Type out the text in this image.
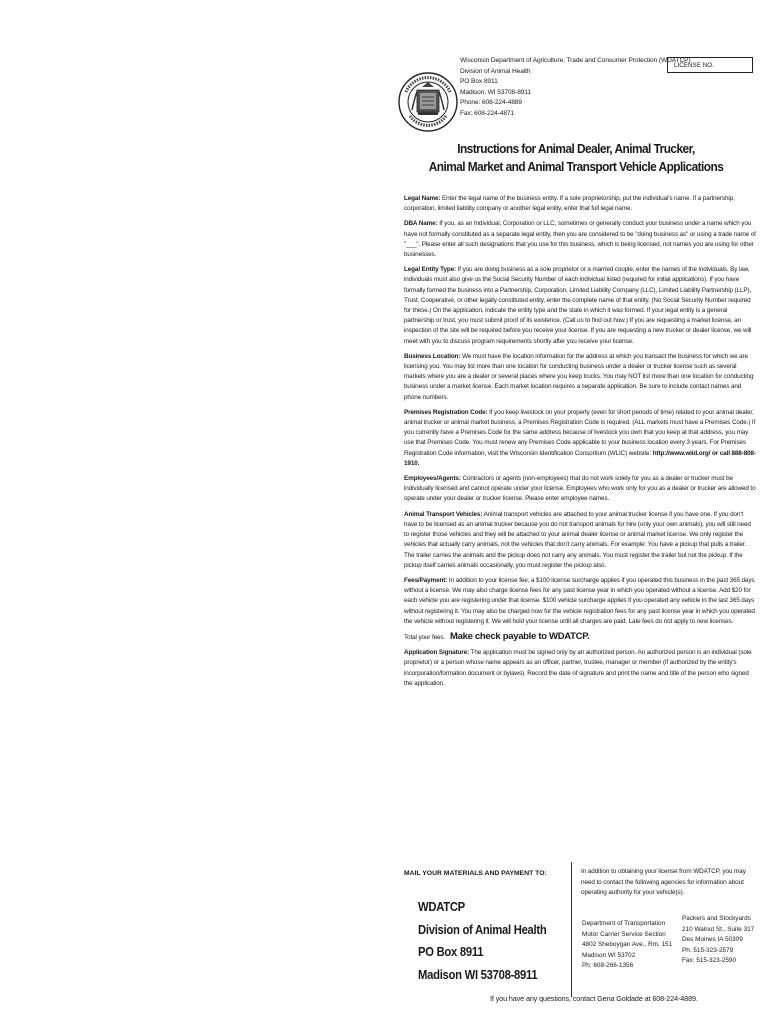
Wisconsin Department of Agriculture, Trade and Consumer Protection (WDATCP)
Division of Animal Health
PO Box 8911
Madison, WI 53708-8911
Phone: 608-224-4889
Fax: 608-224-4871
LICENSE NO.
Instructions for Animal Dealer, Animal Trucker,
Animal Market and Animal Transport Vehicle Applications

Legal Name: Enter the legal name of the business entity. If a sole proprietorship, put the individual's name. If a partnership, corporation, limited liability company or another legal entity, enter that full legal name.

DBA Name: If you, as an Individual, Corporation or LLC, sometimes or generally conduct your business under a name which you have not formally constituted as a separate legal entity, then you are considered to be "doing business as" or using a trade name of "___". Please enter all such designations that you use for this business, which is being licensed, not names you are using for other businesses.

Legal Entity Type: If you are doing business as a sole proprietor or a married couple, enter the names of the individuals. By law, individuals must also give us the Social Security Number of each individual listed (required for initial applications). If you have formally formed the business into a Partnership, Corporation, Limited Liability Company (LLC), Limited Liability Partnership (LLP), Trust, Cooperative, or other legally constituted entity, enter the complete name of that entity. (No Social Security Number required for these.) On the application, indicate the entity type and the state in which it was formed. If your legal entity is a general partnership or trust, you must submit proof of its existence. (Call us to find out how.) If you are requesting a market license, an inspection of the site will be required before you receive your license. If you are requesting a new trucker or dealer license, we will meet with you to discuss program requirements shortly after you receive your license.

Business Location: We must have the location information for the address at which you transact the business for which we are licensing you. You may list more than one location for conducting business under a dealer or trucker license such as several markets where you are a dealer or several places where you keep trucks. You may NOT list more than one location for conducting business under a market license. Each market location requires a separate application. Be sure to include contact names and phone numbers.

Premises Registration Code: If you keep livestock on your property (even for short periods of time) related to your animal dealer, animal trucker or animal market business, a Premises Registration Code is required. (ALL markets must have a Premises Code.) If you currently have a Premises Code for the same address because of livestock you own that you keep at that address, you may use that Premises Code. You must renew any Premises Code applicable to your business location every 3 years. For Premises Registration Code information, visit the Wisconsin Identification Consortium (WLIC) website: http://www.wiid.org/ or call 888-808-1910.

Employees/Agents: Contractors or agents (non-employees) that do not work solely for you as a dealer or trucker must be individually licensed and cannot operate under your license. Employees who work only for you as a dealer or trucker are allowed to operate under your dealer or trucker license. Please enter employee names.

Animal Transport Vehicles: Animal transport vehicles are attached to your animal trucker license if you have one. If you don't have to be licensed as an animal trucker because you do not transport animals for hire (only your own animals), you will still need to register those vehicles and they will be attached to your animal dealer license or animal market license. We only register the vehicles that actually carry animals, not the vehicles that don't carry animals. For example: You have a pickup that pulls a trailer. The trailer carries the animals and the pickup does not carry any animals. You must register the trailer but not the pickup. If the pickup itself carries animals occasionally, you must register the pickup also.

Fees/Payment: In addition to your license fee, a $100 license surcharge applies if you operated this business in the past 365 days without a license. We may also charge license fees for any past license year in which you operated without a license. Add $20 for each vehicle you are registering under that license. $100 vehicle surcharge applies if you operated any vehicle in the last 365 days without registering it. You may also be charged now for the vehicle registration fees for any past license year in which you operated the vehicle without registering it. We will hold your license until all charges are paid. Late fees do not apply to new licenses.

Total your fees. Make check payable to WDATCP.

Application Signature: The application must be signed only by an authorized person. An authorized person is an individual (sole proprietor) or a person whose name appears as an officer, partner, trustee, manager or member (if authorized by the entity's incorporation/formation document or bylaws). Record the date of signature and print the name and title of the person who signed the application.

MAIL YOUR MATERIALS AND PAYMENT TO:
WDATCP
Division of Animal Health
PO Box 8911
Madison WI 53708-8911
In addition to obtaining your license from WDATCP, you may need to contact the following agencies for information about operating authority for your vehicle(s).
Department of Transportation
Motor Carrier Service Section
4802 Sheboygan Ave., Rm. 151
Madison WI 53702
Ph: 608-266-1356
Packers and Stockyards
210 Walnut St., Suite 317
Des Moines IA 50309
Ph: 515-323-2579
Fax: 515-323-2590
If you have any questions, contact Gena Goldade at 608-224-4889.
